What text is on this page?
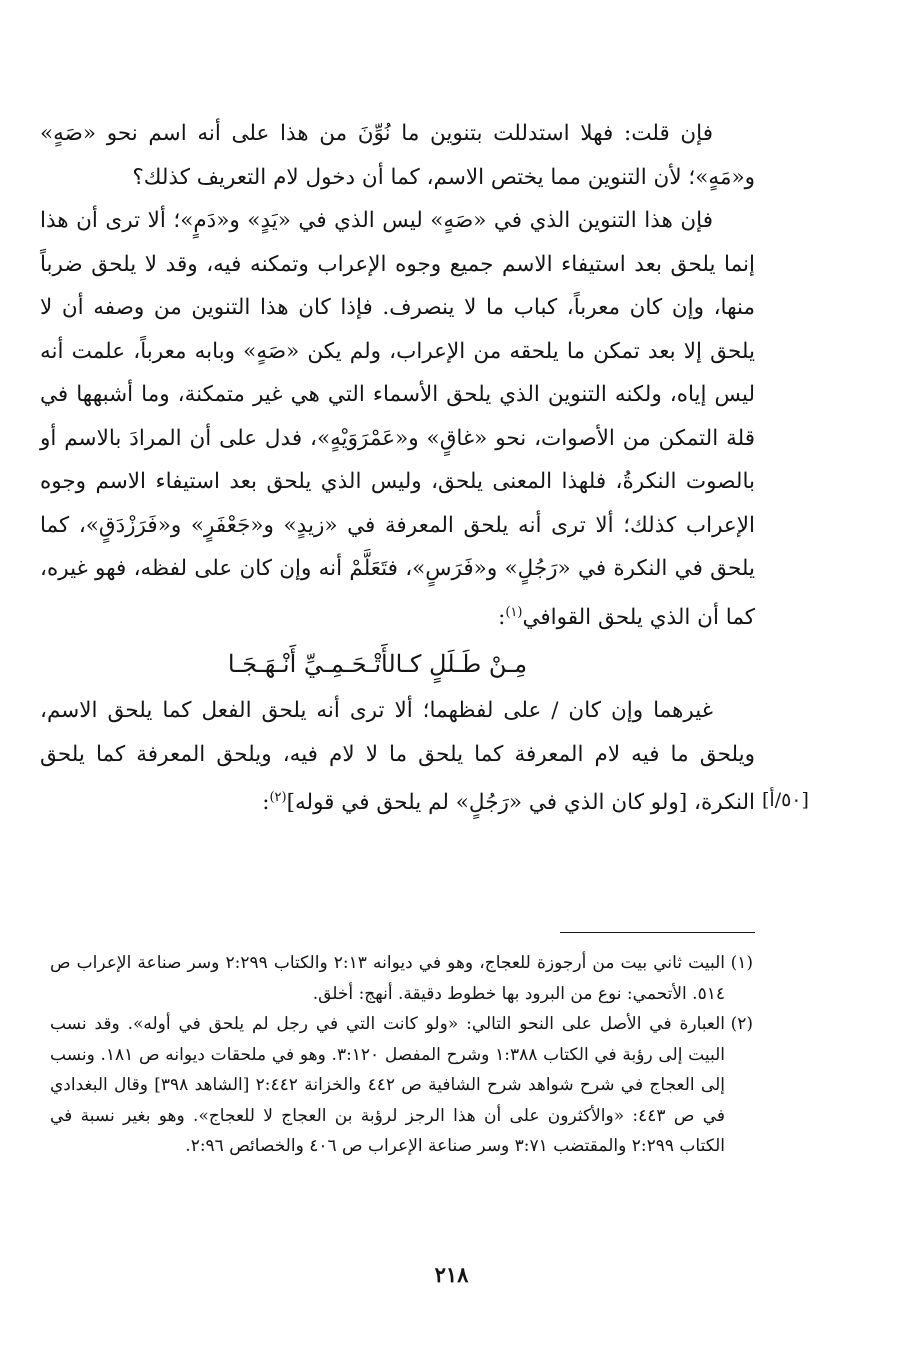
فإن قلت: فهلا استدللت بتنوين ما نُوِّنَ من هذا على أنه اسم نحو «صَهٍ» و«مَهٍ»؛ لأن التنوين مما يختص الاسم، كما أن دخول لام التعريف كذلك؟

فإن هذا التنوين الذي في «صَهٍ» ليس الذي في «يَدٍ» و«دَمٍ»؛ ألا ترى أن هذا إنما يلحق بعد استيفاء الاسم جميع وجوه الإعراب وتمكنه فيه، وقد لا يلحق ضرباً منها، وإن كان معرباً، كباب ما لا ينصرف. فإذا كان هذا التنوين من وصفه أن لا يلحق إلا بعد تمكن ما يلحقه من الإعراب، ولم يكن «صَهٍ» وبابه معرباً، علمت أنه ليس إياه، ولكنه التنوين الذي يلحق الأسماء التي هي غير متمكنة، وما أشبهها في قلة التمكن من الأصوات، نحو «غاقٍ» و«عَمْرَوَيْهٍ»، فدل على أن المرادَ بالاسم أو بالصوت النكرةُ، فلهذا المعنى يلحق، وليس الذي يلحق بعد استيفاء الاسم وجوه الإعراب كذلك؛ ألا ترى أنه يلحق المعرفة في «زيدٍ» و«جَعْفَرٍ» و«فَرَزْدَقٍ»، كما يلحق في النكرة في «رَجُلٍ» و«فَرَسٍ»، فتَعَلَّمْ أنه وإن كان على لفظه، فهو غيره، كما أن الذي يلحق القوافي$^{(١)}$:

مِـنْ طَـلَلٍ كـالأَتْـحَـمِـيِّ أَنْـهَـجَـا

غيرهما وإن كان / على لفظهما؛ ألا ترى أنه يلحق الفعل كما يلحق الاسم، ويلحق ما فيه لام المعرفة كما يلحق ما لا لام فيه، ويلحق المعرفة كما يلحق النكرة، [ولو كان الذي في «رَجُلٍ» لم يلحق في قوله]$^{(٢)}$:	[٥٠/أ]

(١)
البيت ثاني بيت من أرجوزة للعجاج، وهو في ديوانه ٢:١٣ والكتاب ٢:٢٩٩ وسر صناعة الإعراب ص ٥١٤. الأتحمي: نوع من البرود بها خطوط دقيقة. أنهج: أخلق.

(٢)
العبارة في الأصل على النحو التالي: «ولو كانت التي في رجل لم يلحق في أوله». وقد نسب البيت إلى رؤبة في الكتاب ١:٣٨٨ وشرح المفصل ٣:١٢٠. وهو في ملحقات ديوانه ص ١٨١. ونسب إلى العجاج في شرح شواهد شرح الشافية ص ٤٤٢ والخزانة ٢:٤٤٢ [الشاهد ٣٩٨] وقال البغدادي في ص ٤٤٣: «والأكثرون على أن هذا الرجز لرؤبة بن العجاج لا للعجاج». وهو بغير نسبة في الكتاب ٢:٢٩٩ والمقتضب ٣:٧١ وسر صناعة الإعراب ص ٤٠٦ والخصائص ٢:٩٦.

٢١٨
